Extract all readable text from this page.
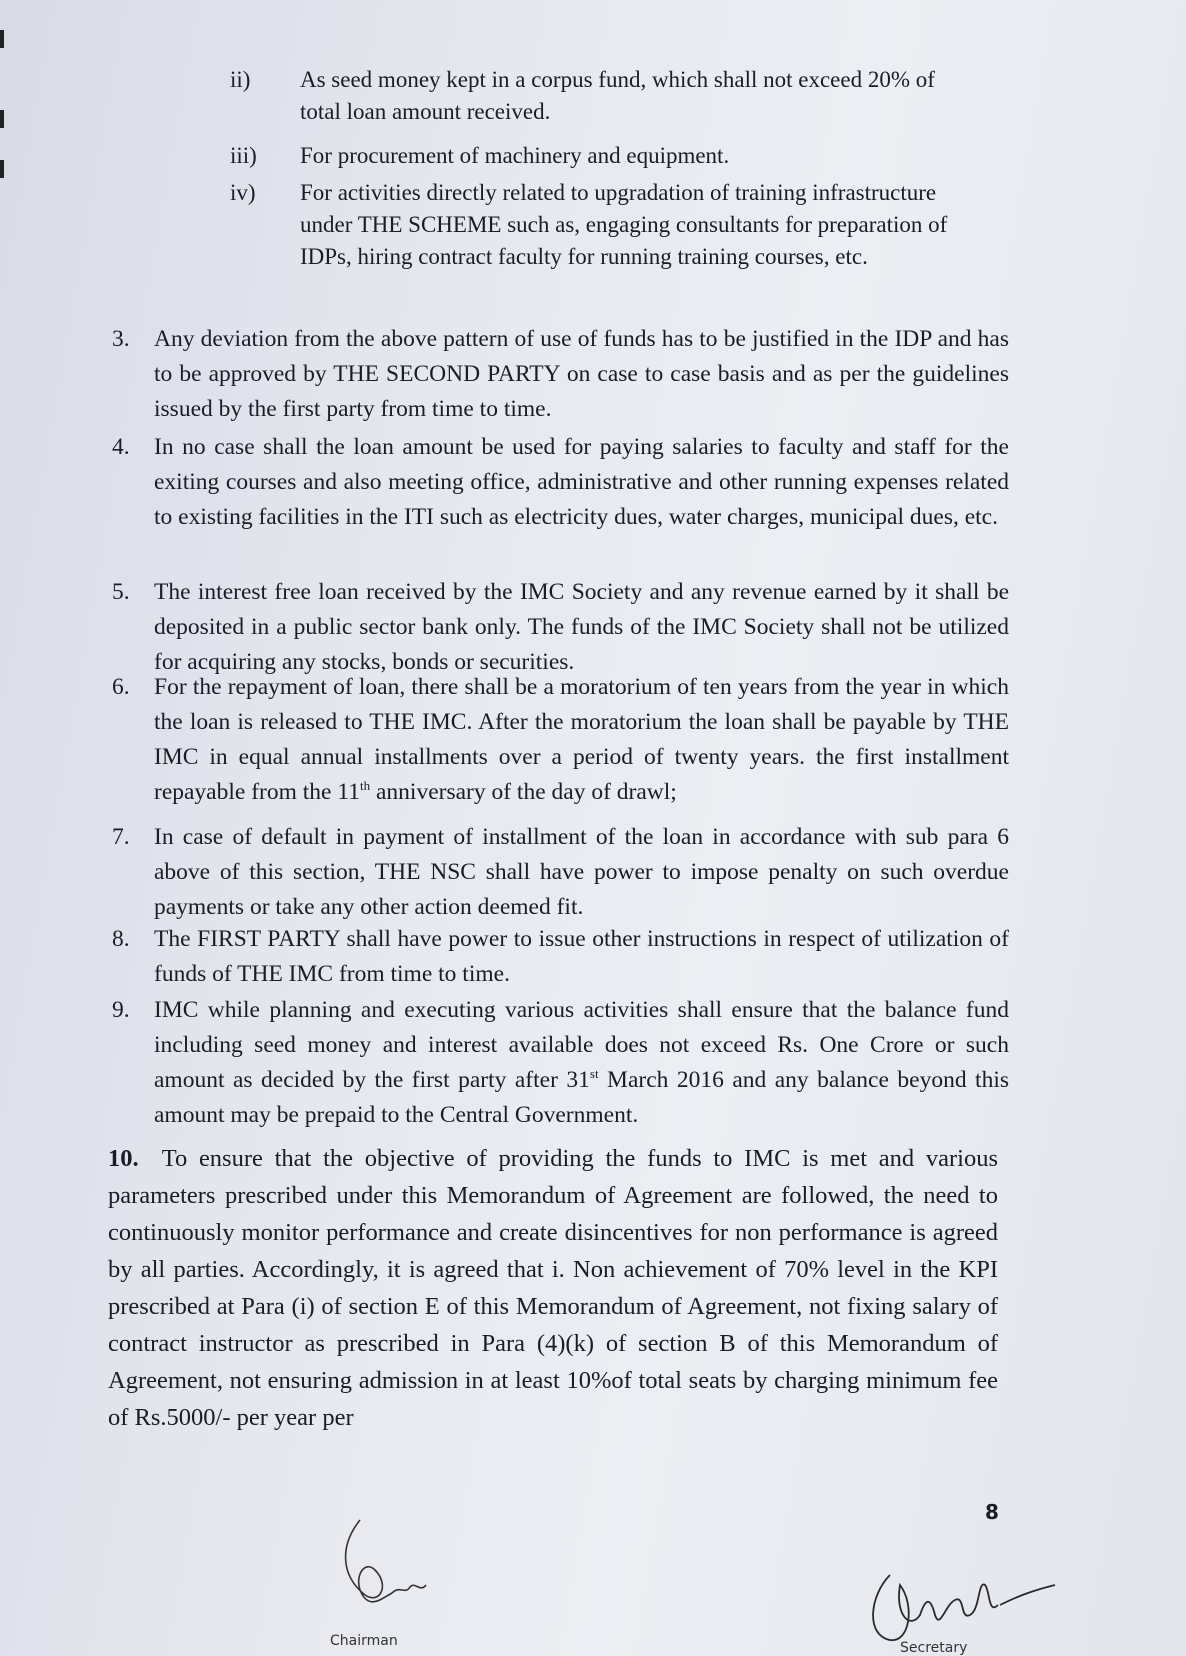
ii) As seed money kept in a corpus fund, which shall not exceed 20% of total loan amount received.
iii) For procurement of machinery and equipment.
iv) For activities directly related to upgradation of training infrastructure under THE SCHEME such as, engaging consultants for preparation of IDPs, hiring contract faculty for running training courses, etc.
3. Any deviation from the above pattern of use of funds has to be justified in the IDP and has to be approved by THE SECOND PARTY on case to case basis and as per the guidelines issued by the first party from time to time.
4. In no case shall the loan amount be used for paying salaries to faculty and staff for the exiting courses and also meeting office, administrative and other running expenses related to existing facilities in the ITI such as electricity dues, water charges, municipal dues, etc.
5. The interest free loan received by the IMC Society and any revenue earned by it shall be deposited in a public sector bank only. The funds of the IMC Society shall not be utilized for acquiring any stocks, bonds or securities.
6. For the repayment of loan, there shall be a moratorium of ten years from the year in which the loan is released to THE IMC. After the moratorium the loan shall be payable by THE IMC in equal annual installments over a period of twenty years. the first installment repayable from the 11th anniversary of the day of drawl;
7. In case of default in payment of installment of the loan in accordance with sub para 6 above of this section, THE NSC shall have power to impose penalty on such overdue payments or take any other action deemed fit.
8. The FIRST PARTY shall have power to issue other instructions in respect of utilization of funds of THE IMC from time to time.
9. IMC while planning and executing various activities shall ensure that the balance fund including seed money and interest available does not exceed Rs. One Crore or such amount as decided by the first party after 31st March 2016 and any balance beyond this amount may be prepaid to the Central Government.
10. To ensure that the objective of providing the funds to IMC is met and various parameters prescribed under this Memorandum of Agreement are followed, the need to continuously monitor performance and create disincentives for non performance is agreed by all parties. Accordingly, it is agreed that i. Non achievement of 70% level in the KPI prescribed at Para (i) of section E of this Memorandum of Agreement, not fixing salary of contract instructor as prescribed in Para (4)(k) of section B of this Memorandum of Agreement, not ensuring admission in at least 10%of total seats by charging minimum fee of Rs.5000/- per year per
8
Chairman	Secretary
